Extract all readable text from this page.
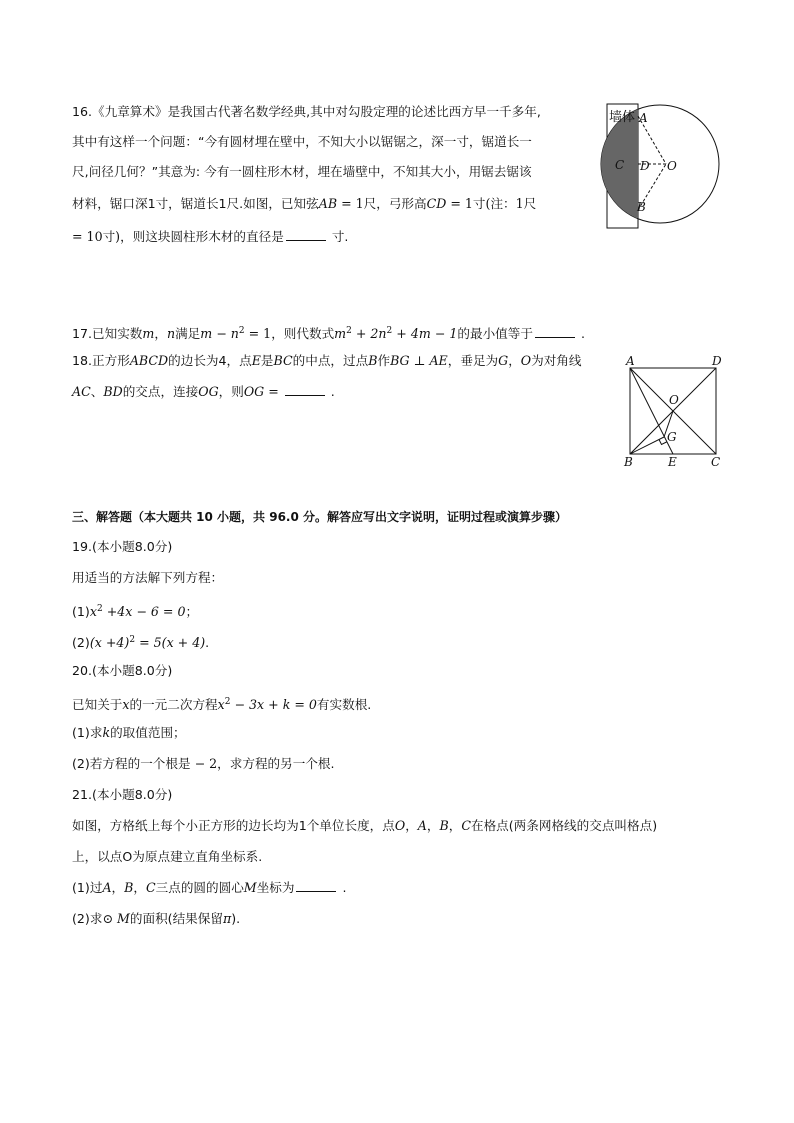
16.《九章算术》是我国古代著名数学经典,其中对勾股定理的论述比西方早一千多年,
其中有这样一个问题：“今有圆材埋在壁中，不知大小以锯锯之，深一寸，锯道长一
尺,问径几何？”其意为: 今有一圆柱形木材，埋在墙壁中，不知其大小，用锯去锯该
材料，锯口深1寸，锯道长1尺.如图，已知弦AB = 1尺，弓形高CD = 1寸(注：1尺
= 10寸)，则这块圆柱形木材的直径是	寸.
墙体 A
C D O
B
17.已知实数m，n满足$m - n^2 = 1$，则代数式$m^2 + 2n^2 + 4m - 1$的最小值等于	.
18.正方形ABCD的边长为4，点E是BC的中点，过点B作BG ⊥ AE，垂足为G，O为对角线
AC、BD的交点，连接OG，则OG =	.
A	D
O
G
B	E	C
三、解答题（本大题共 10 小题，共 96.0 分。解答应写出文字说明，证明过程或演算步骤）
19.(本小题8.0分)
用适当的方法解下列方程：
$(1)x^2 +4x - 6 = 0$；
$(2)(x +4)^2 = 5(x + 4)$.
20.(本小题8.0分)
已知关于x的一元二次方程$x^2 - 3x + k = 0$有实数根.
(1)求k的取值范围；
(2)若方程的一个根是 − 2，求方程的另一个根.
21.(本小题8.0分)
如图，方格纸上每个小正方形的边长均为1个单位长度，点O，A，B，C在格点(两条网格线的交点叫格点)
上，以点O为原点建立直角坐标系.
(1)过A，B，C三点的圆的圆心M坐标为	.
(2)求⊙ M的面积(结果保留π).
